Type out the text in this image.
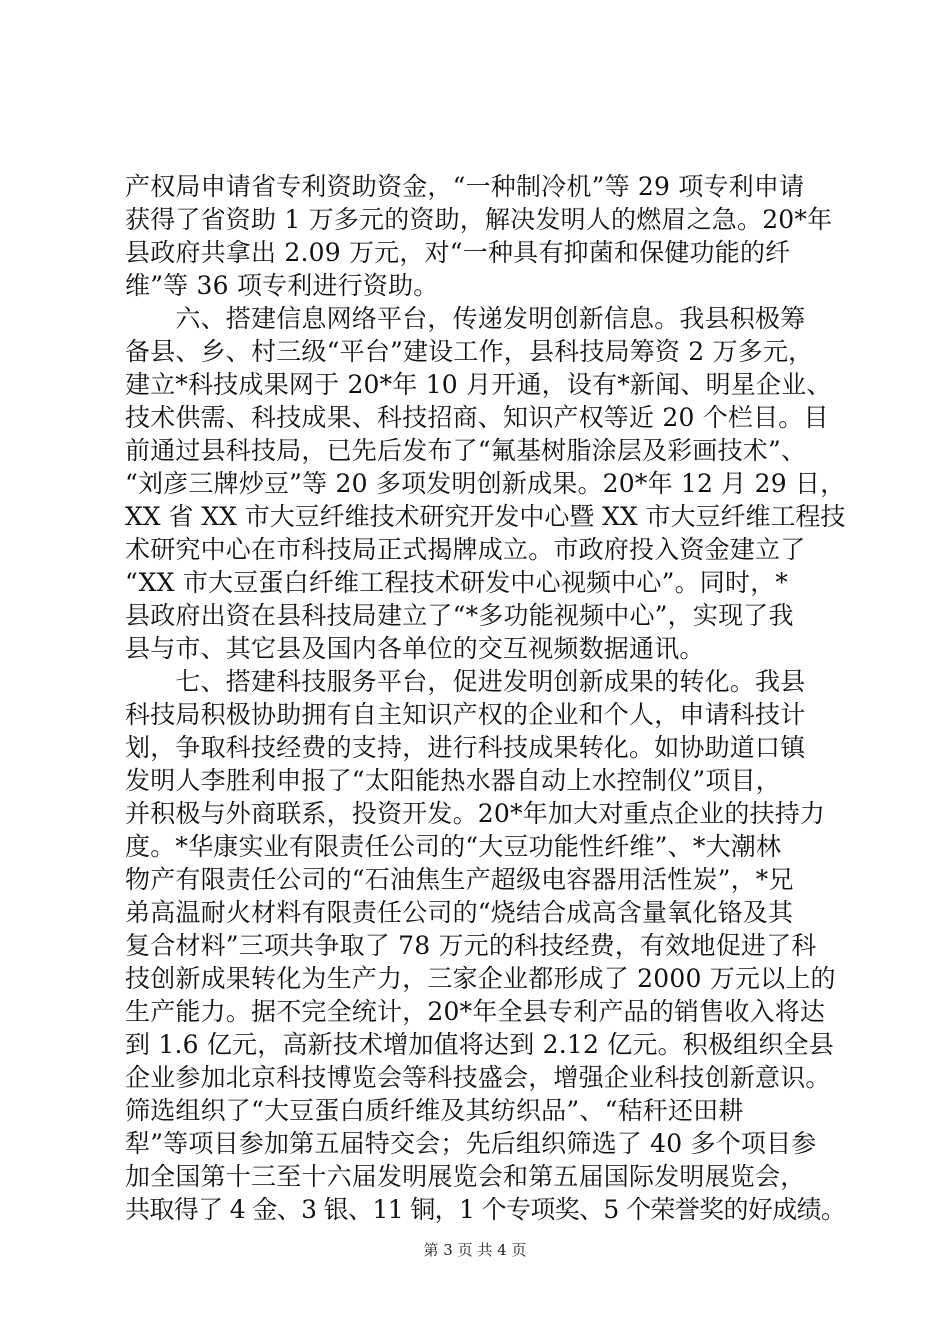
产权局申请省专利资助资金，“一种制冷机”等 29 项专利申请
获得了省资助 1 万多元的资助，解决发明人的燃眉之急。20*年
县政府共拿出 2.09 万元，对“一种具有抑菌和保健功能的纤
维”等 36 项专利进行资助。
　　六、搭建信息网络平台，传递发明创新信息。我县积极筹
备县、乡、村三级“平台”建设工作，县科技局筹资 2 万多元，
建立*科技成果网于 20*年 10 月开通，设有*新闻、明星企业、
技术供需、科技成果、科技招商、知识产权等近 20 个栏目。目
前通过县科技局，已先后发布了“氟基树脂涂层及彩画技术”、
“刘彦三牌炒豆”等 20 多项发明创新成果。20*年 12 月 29 日，
XX 省 XX 市大豆纤维技术研究开发中心暨 XX 市大豆纤维工程技
术研究中心在市科技局正式揭牌成立。市政府投入资金建立了
“XX 市大豆蛋白纤维工程技术研发中心视频中心”。同时，*
县政府出资在县科技局建立了“*多功能视频中心”，实现了我
县与市、其它县及国内各单位的交互视频数据通讯。
　　七、搭建科技服务平台，促进发明创新成果的转化。我县
科技局积极协助拥有自主知识产权的企业和个人，申请科技计
划，争取科技经费的支持，进行科技成果转化。如协助道口镇
发明人李胜利申报了“太阳能热水器自动上水控制仪”项目，
并积极与外商联系，投资开发。20*年加大对重点企业的扶持力
度。*华康实业有限责任公司的“大豆功能性纤维”、*大潮林
物产有限责任公司的“石油焦生产超级电容器用活性炭”，*兄
弟高温耐火材料有限责任公司的“烧结合成高含量氧化铬及其
复合材料”三项共争取了 78 万元的科技经费，有效地促进了科
技创新成果转化为生产力，三家企业都形成了 2000 万元以上的
生产能力。据不完全统计，20*年全县专利产品的销售收入将达
到 1.6 亿元，高新技术增加值将达到 2.12 亿元。积极组织全县
企业参加北京科技博览会等科技盛会，增强企业科技创新意识。
筛选组织了“大豆蛋白质纤维及其纺织品”、“秸秆还田耕
犁”等项目参加第五届特交会；先后组织筛选了 40 多个项目参
加全国第十三至十六届发明展览会和第五届国际发明展览会，
共取得了 4 金、3 银、11 铜，1 个专项奖、5 个荣誉奖的好成绩。
第 3 页 共 4 页
